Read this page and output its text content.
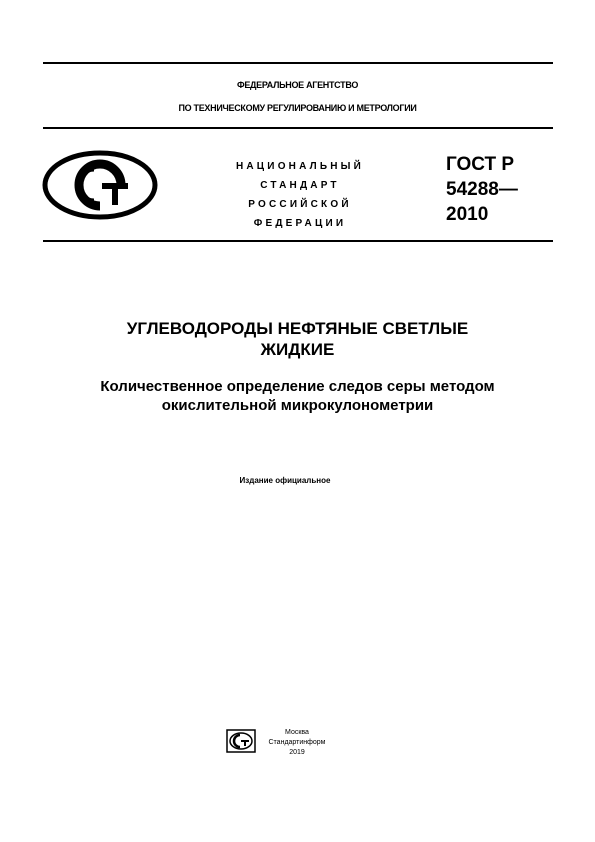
ФЕДЕРАЛЬНОЕ АГЕНТСТВО
ПО ТЕХНИЧЕСКОМУ РЕГУЛИРОВАНИЮ И МЕТРОЛОГИИ
НАЦИОНАЛЬНЫЙ
СТАНДАРТ
РОССИЙСКОЙ
ФЕДЕРАЦИИ
ГОСТ Р
54288—
2010
УГЛЕВОДОРОДЫ НЕФТЯНЫЕ СВЕТЛЫЕ
ЖИДКИЕ
Количественное определение следов серы методом
окислительной микрокулонометрии
Издание официальное
Москва
Стандартинформ
2019
